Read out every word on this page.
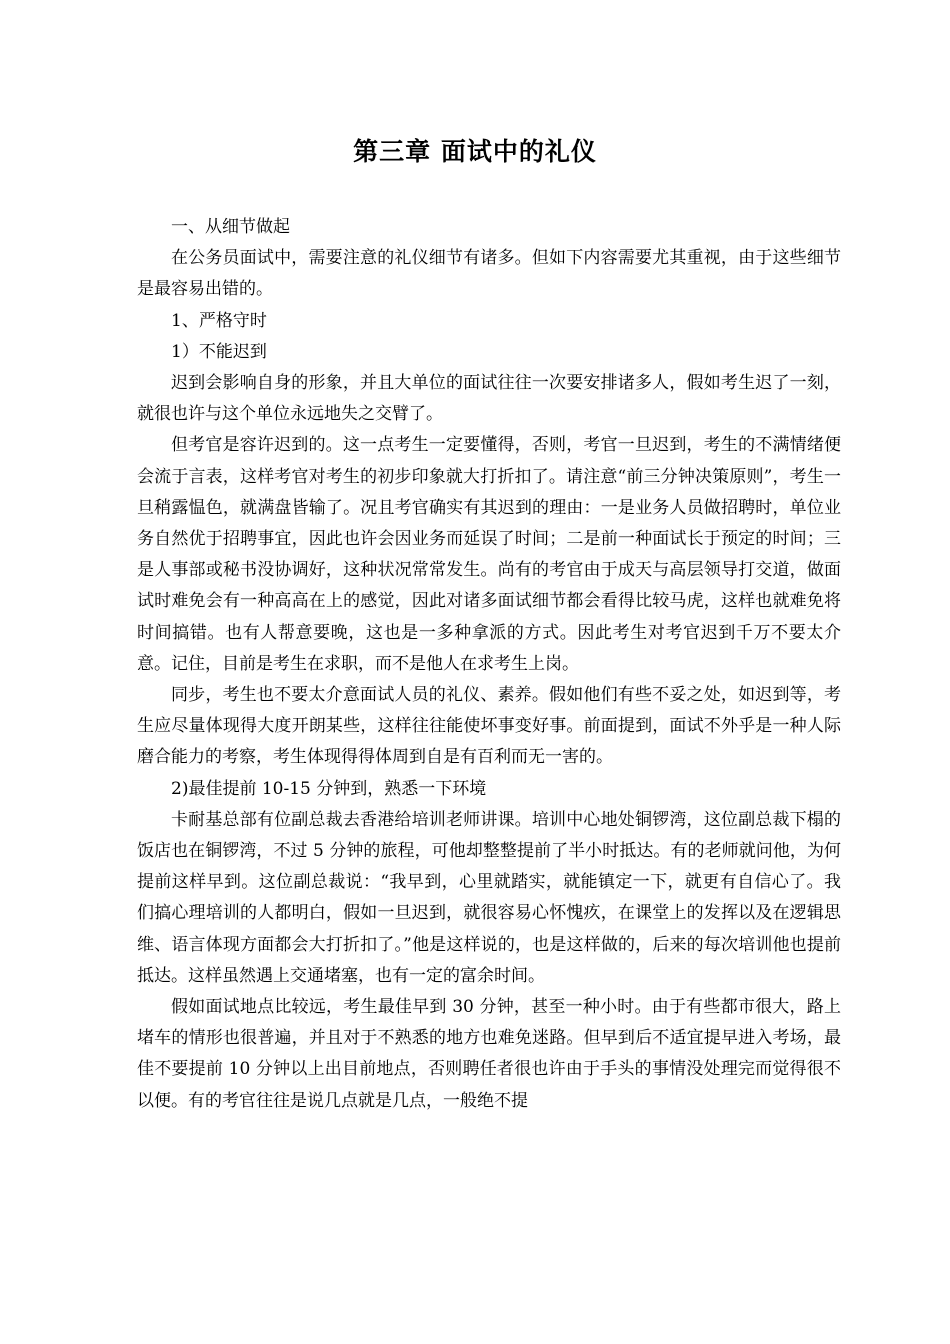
第三章 面试中的礼仪

一、从细节做起

在公务员面试中，需要注意的礼仪细节有诸多。但如下内容需要尤其重视，由于这些细节是最容易出错的。

1、严格守时

1）不能迟到

迟到会影响自身的形象，并且大单位的面试往往一次要安排诸多人，假如考生迟了一刻，就很也许与这个单位永远地失之交臂了。

但考官是容许迟到的。这一点考生一定要懂得，否则，考官一旦迟到，考生的不满情绪便会流于言表，这样考官对考生的初步印象就大打折扣了。请注意“前三分钟决策原则”，考生一旦稍露愠色，就满盘皆输了。况且考官确实有其迟到的理由：一是业务人员做招聘时，单位业务自然优于招聘事宜，因此也许会因业务而延误了时间；二是前一种面试长于预定的时间；三是人事部或秘书没协调好，这种状况常常发生。尚有的考官由于成天与高层领导打交道，做面试时难免会有一种高高在上的感觉，因此对诸多面试细节都会看得比较马虎，这样也就难免将时间搞错。也有人帮意要晚，这也是一多种拿派的方式。因此考生对考官迟到千万不要太介意。记住，目前是考生在求职，而不是他人在求考生上岗。

同步，考生也不要太介意面试人员的礼仪、素养。假如他们有些不妥之处，如迟到等，考生应尽量体现得大度开朗某些，这样往往能使坏事变好事。前面提到，面试不外乎是一种人际磨合能力的考察，考生体现得得体周到自是有百利而无一害的。

2)最佳提前 10-15 分钟到，熟悉一下环境

卡耐基总部有位副总裁去香港给培训老师讲课。培训中心地处铜锣湾，这位副总裁下榻的饭店也在铜锣湾，不过 5 分钟的旅程，可他却整整提前了半小时抵达。有的老师就问他，为何提前这样早到。这位副总裁说：“我早到，心里就踏实，就能镇定一下，就更有自信心了。我们搞心理培训的人都明白，假如一旦迟到，就很容易心怀愧疚，在课堂上的发挥以及在逻辑思维、语言体现方面都会大打折扣了。”他是这样说的，也是这样做的，后来的每次培训他也提前抵达。这样虽然遇上交通堵塞，也有一定的富余时间。

假如面试地点比较远，考生最佳早到 30 分钟，甚至一种小时。由于有些都市很大，路上堵车的情形也很普遍，并且对于不熟悉的地方也难免迷路。但早到后不适宜提早进入考场，最佳不要提前 10 分钟以上出目前地点，否则聘任者很也许由于手头的事情没处理完而觉得很不以便。有的考官往往是说几点就是几点，一般绝不提
